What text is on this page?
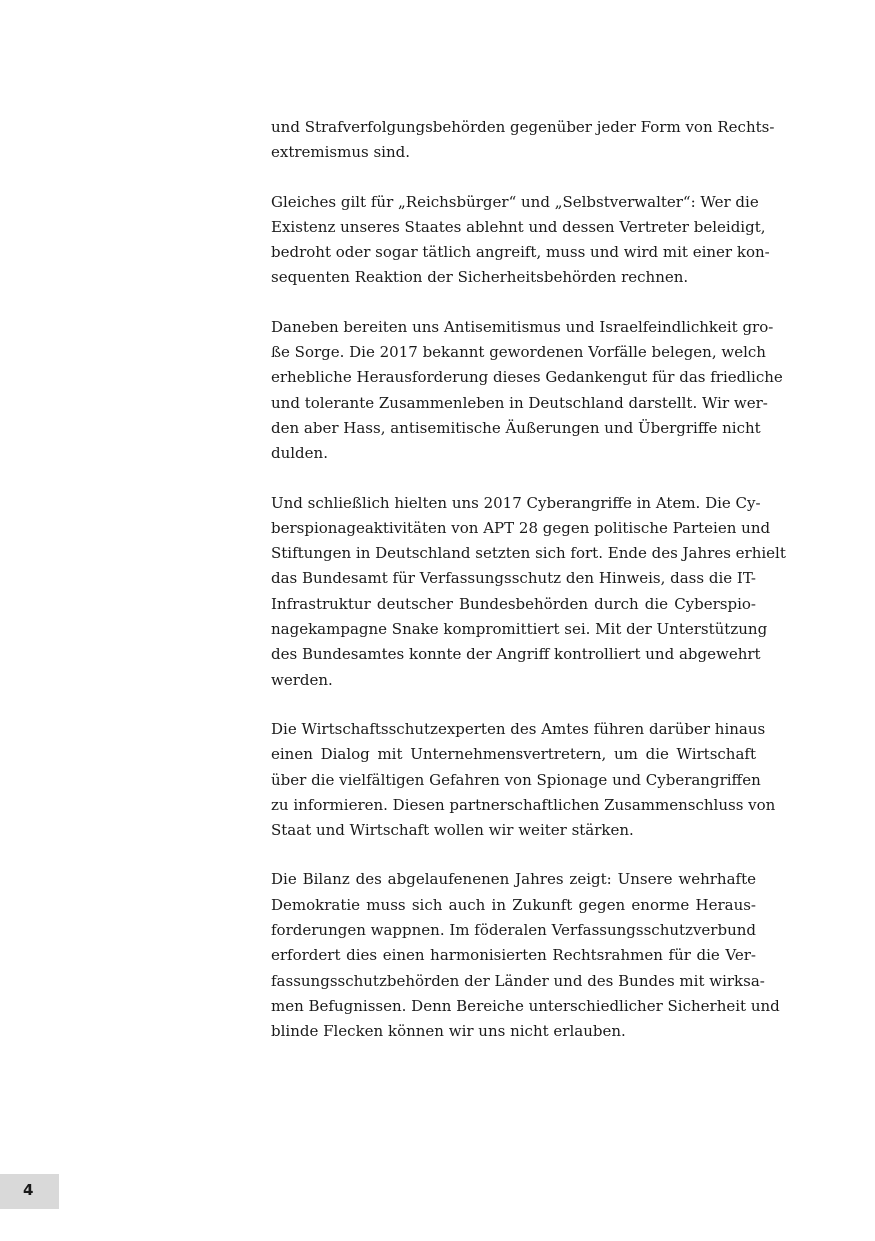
und Strafverfolgungsbehörden gegenüber jeder Form von Rechts-
extremismus sind.

Gleiches gilt für „Reichsbürger“ und „Selbstverwalter“: Wer die
Existenz unseres Staates ablehnt und dessen Vertreter beleidigt,
bedroht oder sogar tätlich angreift, muss und wird mit einer kon-
sequenten Reaktion der Sicherheitsbehörden rechnen.

Daneben bereiten uns Antisemitismus und Israelfeindlichkeit gro-
ße Sorge. Die 2017 bekannt gewordenen Vorfälle belegen, welch
erhebliche Herausforderung dieses Gedankengut für das friedliche
und tolerante Zusammenleben in Deutschland darstellt. Wir wer-
den aber Hass, antisemitische Äußerungen und Übergriffe nicht
dulden.

Und schließlich hielten uns 2017 Cyberangriffe in Atem. Die Cy-
berspionageaktivitäten von APT 28 gegen politische Parteien und
Stiftungen in Deutschland setzten sich fort. Ende des Jahres erhielt
das Bundesamt für Verfassungsschutz den Hinweis, dass die IT-
Infrastruktur deutscher Bundesbehörden durch die Cyberspio-
nagekampagne Snake kompromittiert sei. Mit der Unterstützung
des Bundesamtes konnte der Angriff kontrolliert und abgewehrt
werden.

Die Wirtschaftsschutzexperten des Amtes führen darüber hinaus
einen Dialog mit Unternehmensvertretern, um die Wirtschaft
über die vielfältigen Gefahren von Spionage und Cyberangriffen
zu informieren. Diesen partnerschaftlichen Zusammenschluss von
Staat und Wirtschaft wollen wir weiter stärken.

Die Bilanz des abgelaufenenen Jahres zeigt: Unsere wehrhafte
Demokratie muss sich auch in Zukunft gegen enorme Heraus-
forderungen wappnen. Im föderalen Verfassungsschutzverbund
erfordert dies einen harmonisierten Rechtsrahmen für die Ver-
fassungsschutzbehörden der Länder und des Bundes mit wirksa-
men Befugnissen. Denn Bereiche unterschiedlicher Sicherheit und
blinde Flecken können wir uns nicht erlauben.

4
